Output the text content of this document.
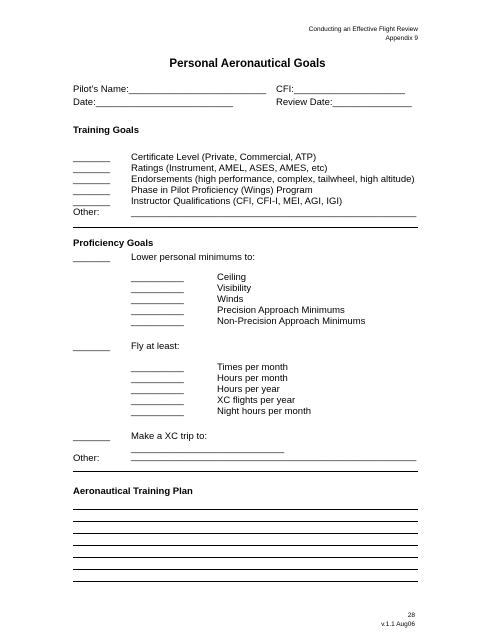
Conducting an Effective Flight Review
Appendix 9
Personal Aeronautical Goals
Pilot’s Name:__________________________ CFI:_____________________
Date:__________________________	Review Date:_______________
Training Goals
_______ Certificate Level (Private, Commercial, ATP)
_______ Ratings (Instrument, AMEL, ASES, AMES, etc)
_______ Endorsements (high performance, complex, tailwheel, high altitude)
_______ Phase in Pilot Proficiency (Wings) Program
_______ Instructor Qualifications (CFI, CFI-I, MEI, AGI, IGI)
Other:	______________________________________________________
Proficiency Goals
_______ Lower personal minimums to:
__________	Ceiling
__________	Visibility
__________	Winds
__________	Precision Approach Minimums
__________	Non-Precision Approach Minimums
_______ Fly at least:
__________	Times per month
__________	Hours per month
__________	Hours per year
__________	XC flights per year
__________	Night hours per month
_______ Make a XC trip to:
_____________________________
Other:	______________________________________________________
Aeronautical Training Plan
28
v.1.1 Aug06
